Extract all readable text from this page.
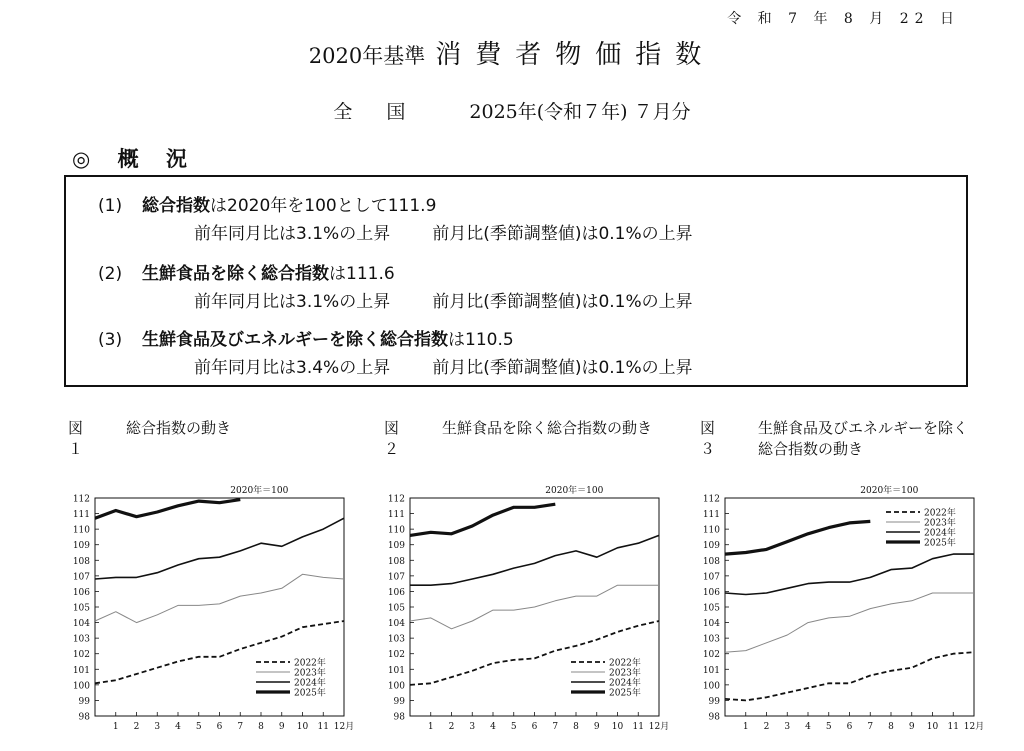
令 和 7 年 8 月 22 日
2020年基準 消費者物価指数
全国 2025年(令和７年) ７月分
◎ 概 況
(1) 総合指数は2020年を100として111.9
前年同月比は3.1%の上昇 前月比(季節調整値)は0.1%の上昇
(2) 生鮮食品を除く総合指数は111.6
前年同月比は3.1%の上昇 前月比(季節調整値)は0.1%の上昇
(3) 生鮮食品及びエネルギーを除く総合指数は110.5
前年同月比は3.4%の上昇 前月比(季節調整値)は0.1%の上昇
図１
総合指数の動き	図２
生鮮食品を除く総合指数の動き	図３
生鮮食品及びエネルギーを除く総合指数の動き
98
99
100
101
102
103
104
105
106
107
108
109
110
111
112
1 2 3 4 5 6 7 8 9 10 11 12月
2020年＝100
2022年
2023年
2024年
2025年
98
99
100
101
102
103
104
105
106
107
108
109
110
111
112
1 2 3 4 5 6 7 8 9 10 11 12月
2020年＝100
2022年
2023年
2024年
2025年
98
99
100
101
102
103
104
105
106
107
108
109
110
111
112
1 2 3 4 5 6 7 8 9 10 11 12月
2020年＝100
2022年
2023年
2024年
2025年
